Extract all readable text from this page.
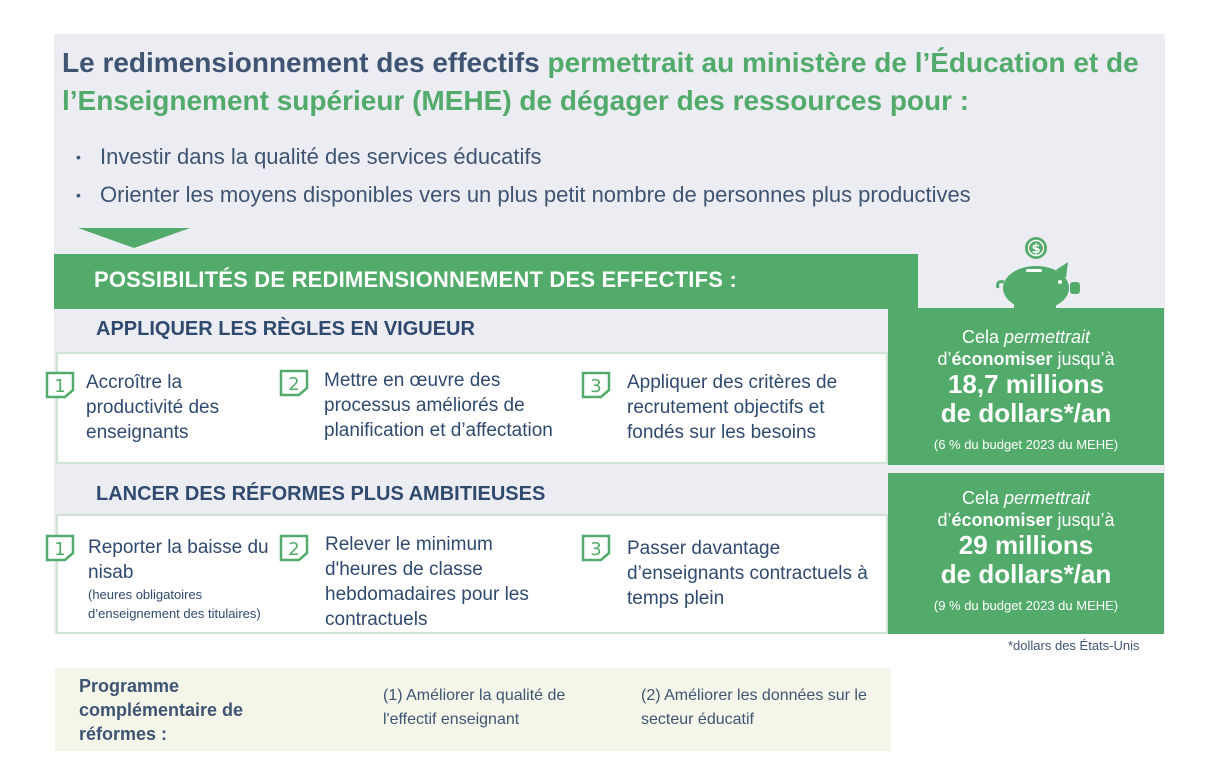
Le redimensionnement des effectifs permettrait au ministère de l’Éducation et de l’Enseignement supérieur (MEHE) de dégager des ressources pour :
• Investir dans la qualité des services éducatifs
• Orienter les moyens disponibles vers un plus petit nombre de personnes plus productives
POSSIBILITÉS DE REDIMENSIONNEMENT DES EFFECTIFS :
$
APPLIQUER LES RÈGLES EN VIGUEUR
1 Accroître la productivité des enseignants
2 Mettre en œuvre des processus améliorés de planification et d’affectation
3 Appliquer des critères de recrutement objectifs et fondés sur les besoins
Cela permettrait
d’économiser jusqu’à
18,7 millions
de dollars*/an
(6 % du budget 2023 du MEHE)
LANCER DES RÉFORMES PLUS AMBITIEUSES
1 Reporter la baisse du nisab
(heures obligatoires d’enseignement des titulaires)
2 Relever le minimum d'heures de classe hebdomadaires pour les contractuels
3 Passer davantage d’enseignants contractuels à temps plein
Cela permettrait
d’économiser jusqu’à
29 millions
de dollars*/an
(9 % du budget 2023 du MEHE)
*dollars des États-Unis
Programme complémentaire de réformes :
(1) Améliorer la qualité de l'effectif enseignant
(2) Améliorer les données sur le secteur éducatif
